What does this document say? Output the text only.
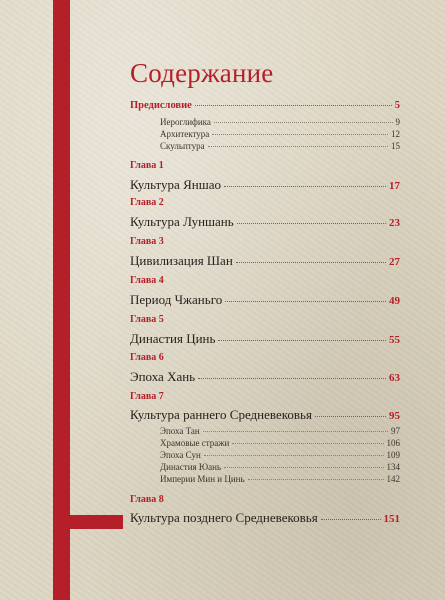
Содержание
Предисловие	5
Иероглифика	9
Архитектура	12
Скульптура	15
Глава 1
Культура Яншао	17
Глава 2
Культура Луншань	23
Глава 3
Цивилизация Шан	27
Глава 4
Период Чжаньго	49
Глава 5
Династия Цинь	55
Глава 6
Эпоха Хань	63
Глава 7
Культура раннего Средневековья	95
Эпоха Тан	97
Храмовые стражи	106
Эпоха Сун	109
Династия Юань	134
Империи Мин и Цинь	142
Глава 8
Культура позднего Средневековья	151
